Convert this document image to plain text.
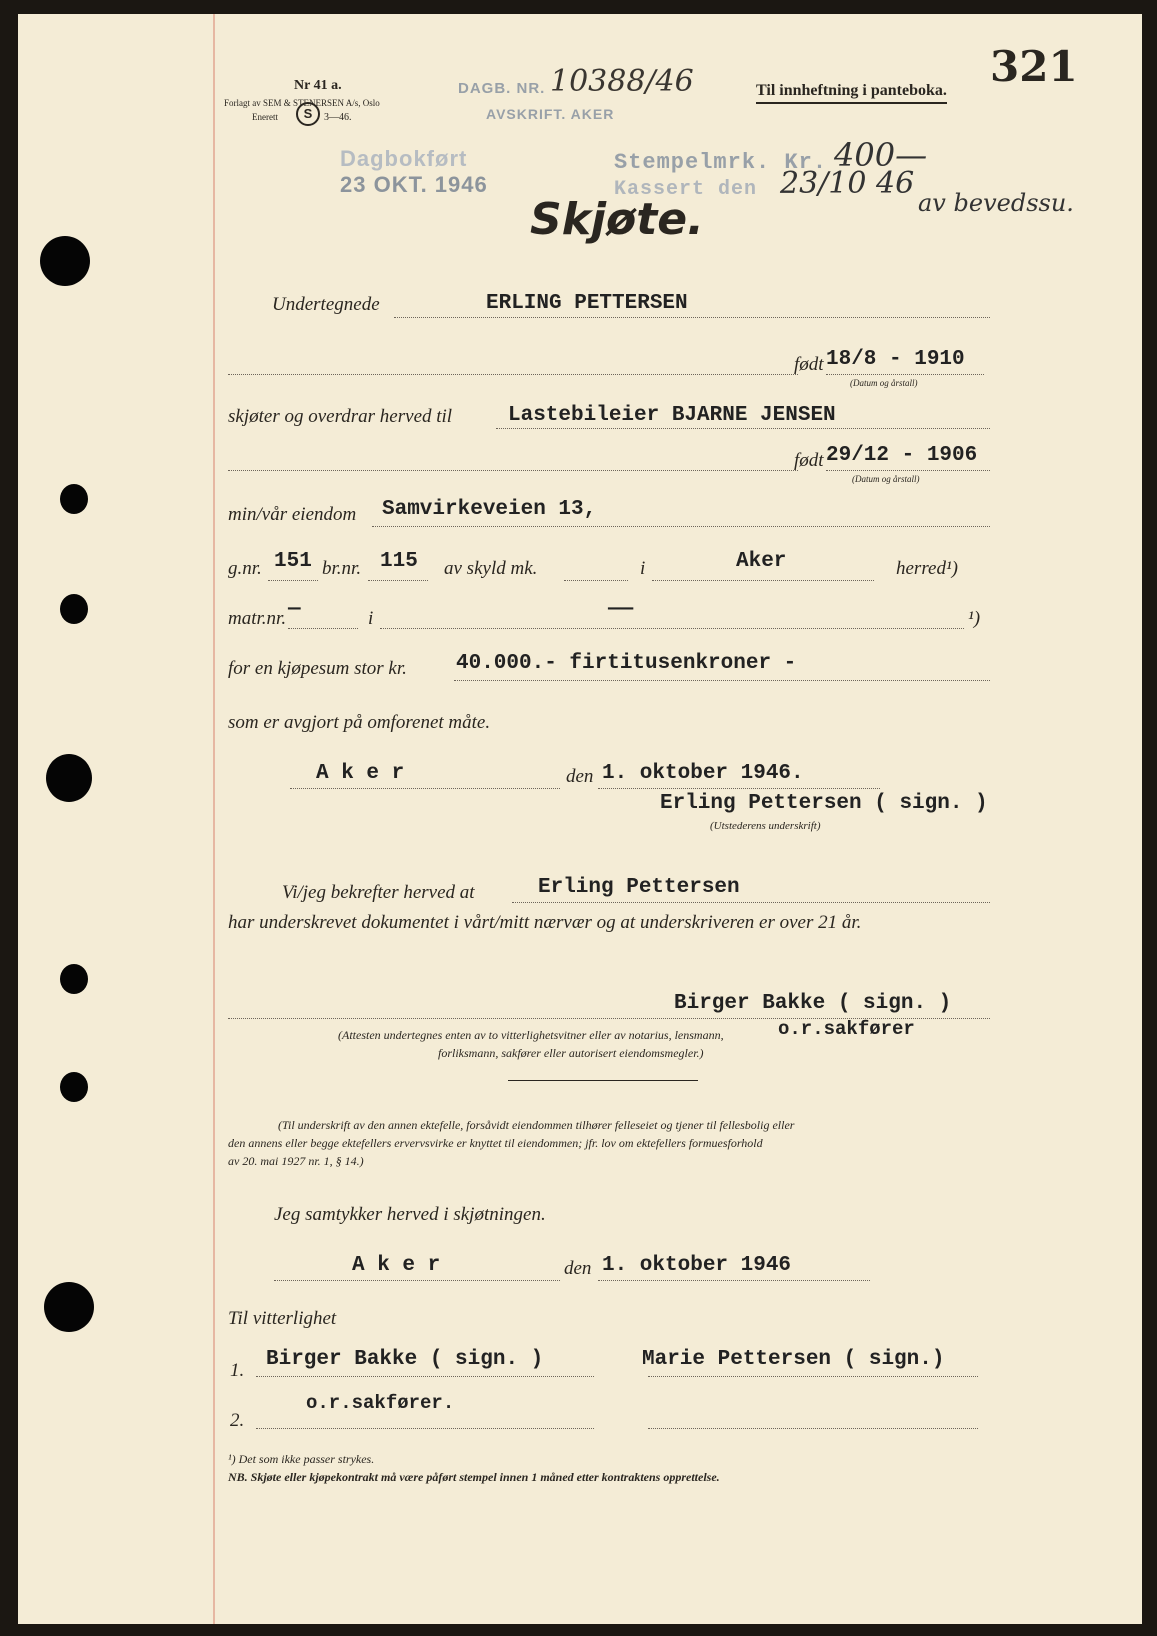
Nr 41 a.
Forlagt av SEM & STENERSEN A/s, Oslo
Enerett	S	3—46.
DAGB. NR. 10388/46
AVSKRIFT. AKER
Til innheftning i panteboka. 321
Dagbokført
23 OKT. 1946
Stempelmrk. Kr. 400—
Kassert den 23/10 46
av bevedssu.
Skjøte.
Undertegnede	ERLING PETTERSEN
født 18/8 - 1910
(Datum og årstall)
skjøter og overdrar herved til	Lastebileier BJARNE JENSEN
født 29/12 - 1906
(Datum og årstall)
min/vår eiendom Samvirkeveien 13,
g.nr. 151 br.nr. 115 av skyld mk.	i	Aker	herred¹)
matr.nr. —	i	——	¹)
for en kjøpesum stor kr. 40.000.- firtitusenkroner -
som er avgjort på omforenet måte.
A k e r	den 1. oktober 1946.
Erling Pettersen ( sign. )
(Utstederens underskrift)
Vi/jeg bekrefter herved at	Erling Pettersen
har underskrevet dokumentet i vårt/mitt nærvær og at underskriveren er over 21 år.
Birger Bakke ( sign. )
o.r.sakfører
(Attesten undertegnes enten av to vitterlighetsvitner eller av notarius, lensmann,
forliksmann, sakfører eller autorisert eiendomsmegler.)
(Til underskrift av den annen ektefelle, forsåvidt eiendommen tilhører felleseiet og tjener til fellesbolig eller
den annens eller begge ektefellers ervervsvirke er knyttet til eiendommen; jfr. lov om ektefellers formuesforhold
av 20. mai 1927 nr. 1, § 14.)
Jeg samtykker herved i skjøtningen.
A k e r	den 1. oktober 1946
Til vitterlighet
1. Birger Bakke ( sign. )	Marie Pettersen ( sign.)
o.r.sakfører.
2.
¹) Det som ikke passer strykes.
NB. Skjøte eller kjøpekontrakt må være påført stempel innen 1 måned etter kontraktens opprettelse.
